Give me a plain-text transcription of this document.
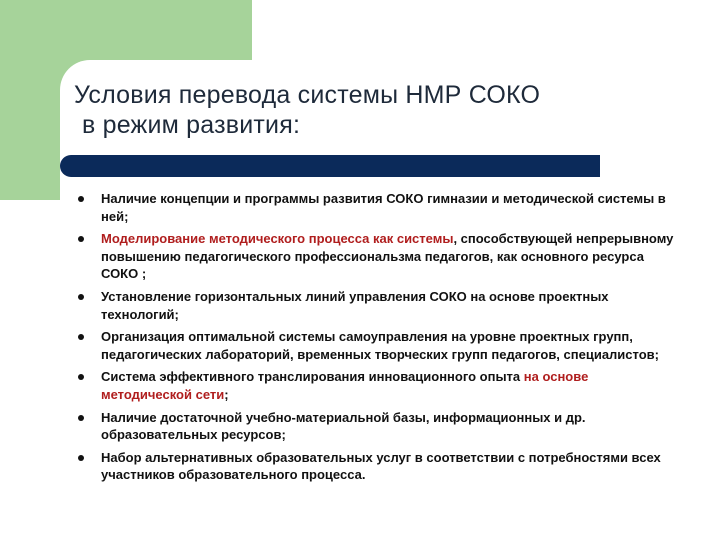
Условия перевода системы НМР СОКО
в режим развития:
Наличие концепции и программы развития СОКО гимназии и методической системы в ней;
Моделирование методического процесса как системы, способствующей непрерывному повышению педагогического профессиональзма педагогов, как основного ресурса СОКО ;
Установление горизонтальных линий управления СОКО на основе проектных технологий;
Организация оптимальной системы самоуправления на уровне проектных групп, педагогических лабораторий, временных творческих групп педагогов, специалистов;
Система эффективного транслирования инновационного опыта на основе методической сети;
Наличие достаточной учебно-материальной базы, информационных и др. образовательных ресурсов;
Набор альтернативных образовательных услуг в соответствии с потребностями всех участников образовательного процесса.
